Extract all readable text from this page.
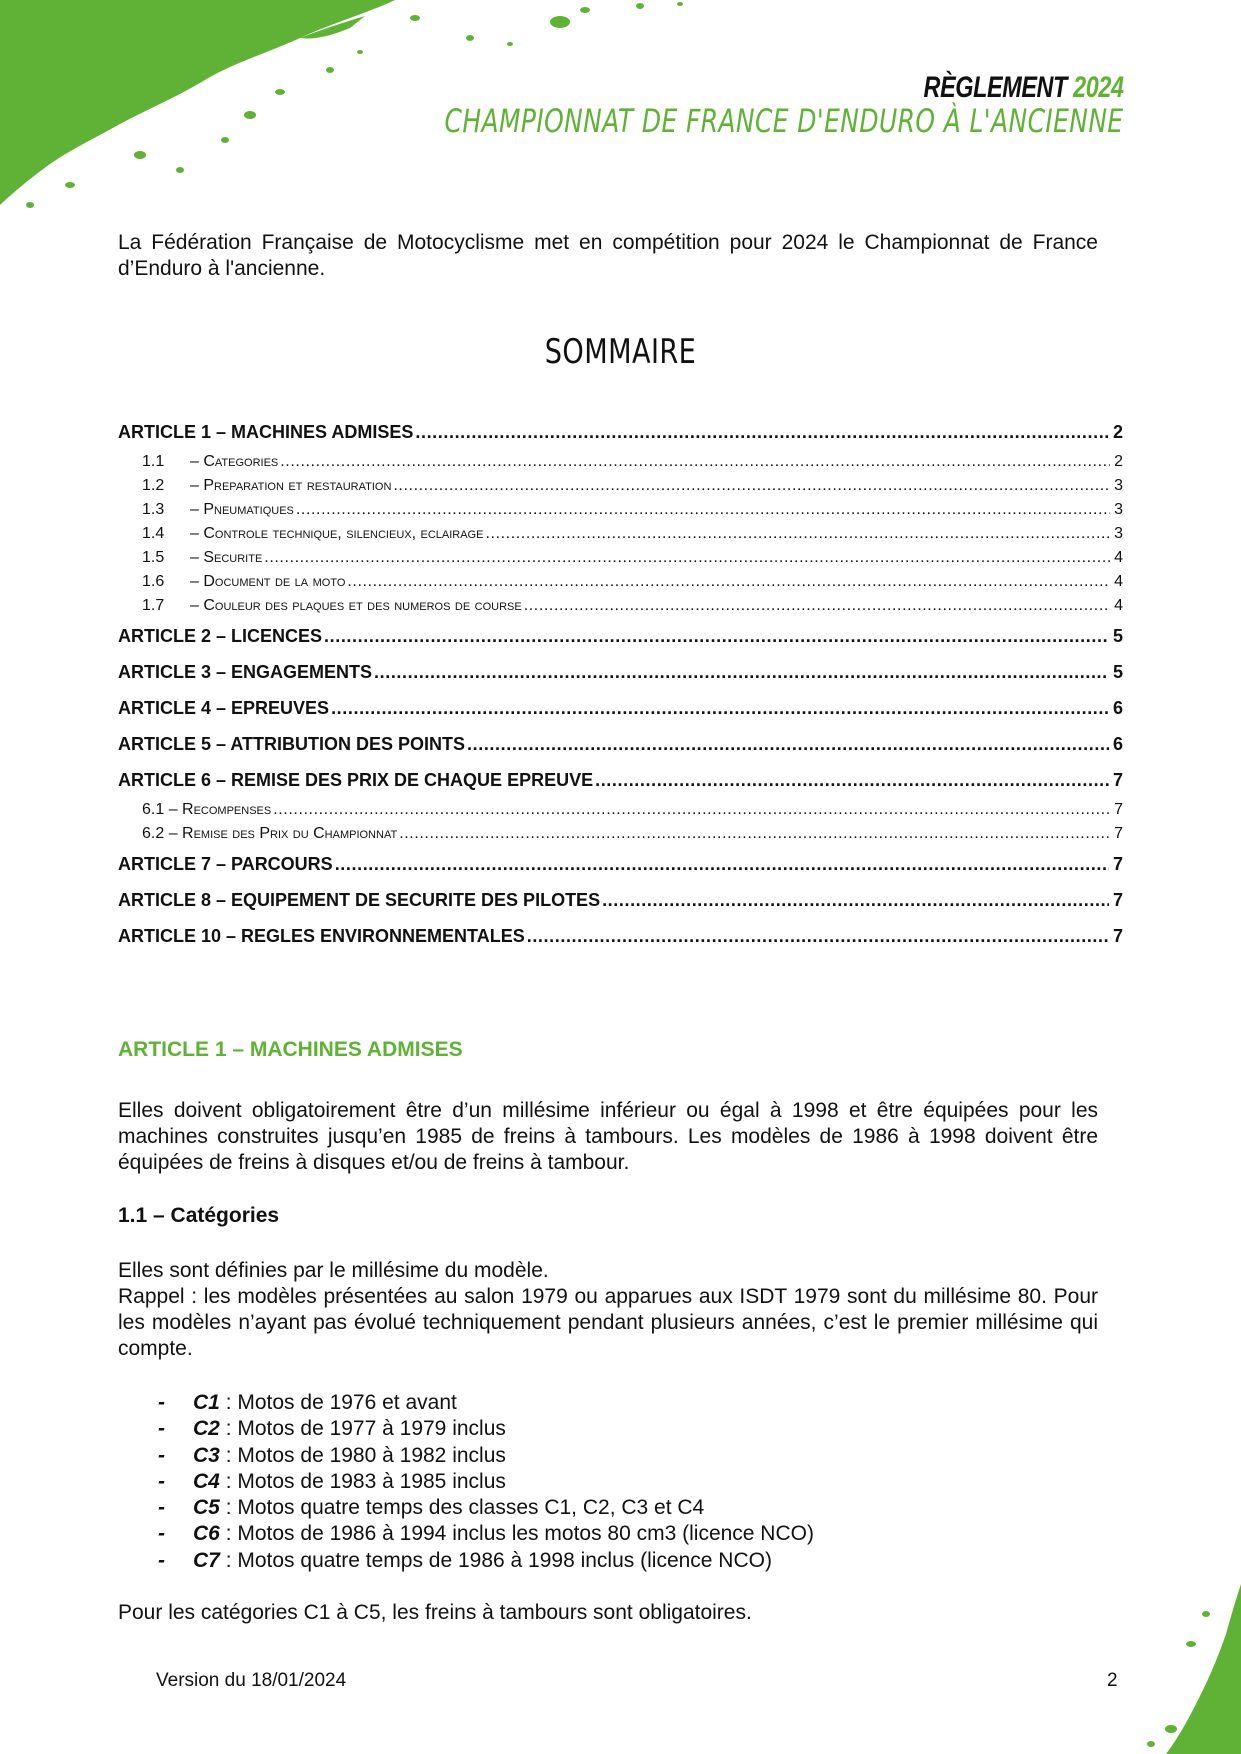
RÈGLEMENT 2024
CHAMPIONNAT DE FRANCE D'ENDURO À L'ANCIENNE
La Fédération Française de Motocyclisme met en compétition pour 2024 le Championnat de France d’Enduro à l'ancienne.
SOMMAIRE
ARTICLE 1 – MACHINES ADMISES .....	2
1.1 – Categories .....	2
1.2 – Preparation et restauration .....	3
1.3 – Pneumatiques .....	3
1.4 – Controle technique, silencieux, eclairage .....	3
1.5 – Securite .....	4
1.6 – Document de la moto .....	4
1.7 – Couleur des plaques et des numeros de course .....	4
ARTICLE 2 – LICENCES .....	5
ARTICLE 3 – ENGAGEMENTS .....	5
ARTICLE 4 – EPREUVES .....	6
ARTICLE 5 – ATTRIBUTION DES POINTS .....	6
ARTICLE 6 – REMISE DES PRIX DE CHAQUE EPREUVE .....	7
6.1 – Recompenses .....	7
6.2 – Remise des Prix du Championnat .....	7
ARTICLE 7 – PARCOURS .....	7
ARTICLE 8 – EQUIPEMENT DE SECURITE DES PILOTES .....	7
ARTICLE 10 – REGLES ENVIRONNEMENTALES .....	7
ARTICLE 1 – MACHINES ADMISES
Elles doivent obligatoirement être d’un millésime inférieur ou égal à 1998 et être équipées pour les machines construites jusqu’en 1985 de freins à tambours. Les modèles de 1986 à 1998 doivent être équipées de freins à disques et/ou de freins à tambour.
1.1 – Catégories
Elles sont définies par le millésime du modèle.
Rappel : les modèles présentées au salon 1979 ou apparues aux ISDT 1979 sont du millésime 80. Pour les modèles n’ayant pas évolué techniquement pendant plusieurs années, c’est le premier millésime qui compte.
-	C1 : Motos de 1976 et avant
-	C2 : Motos de 1977 à 1979 inclus
-	C3 : Motos de 1980 à 1982 inclus
-	C4 : Motos de 1983 à 1985 inclus
-	C5 : Motos quatre temps des classes C1, C2, C3 et C4
-	C6 : Motos de 1986 à 1994 inclus les motos 80 cm3 (licence NCO)
-	C7 : Motos quatre temps de 1986 à 1998 inclus (licence NCO)
Pour les catégories C1 à C5, les freins à tambours sont obligatoires.
Version du 18/01/2024	2
